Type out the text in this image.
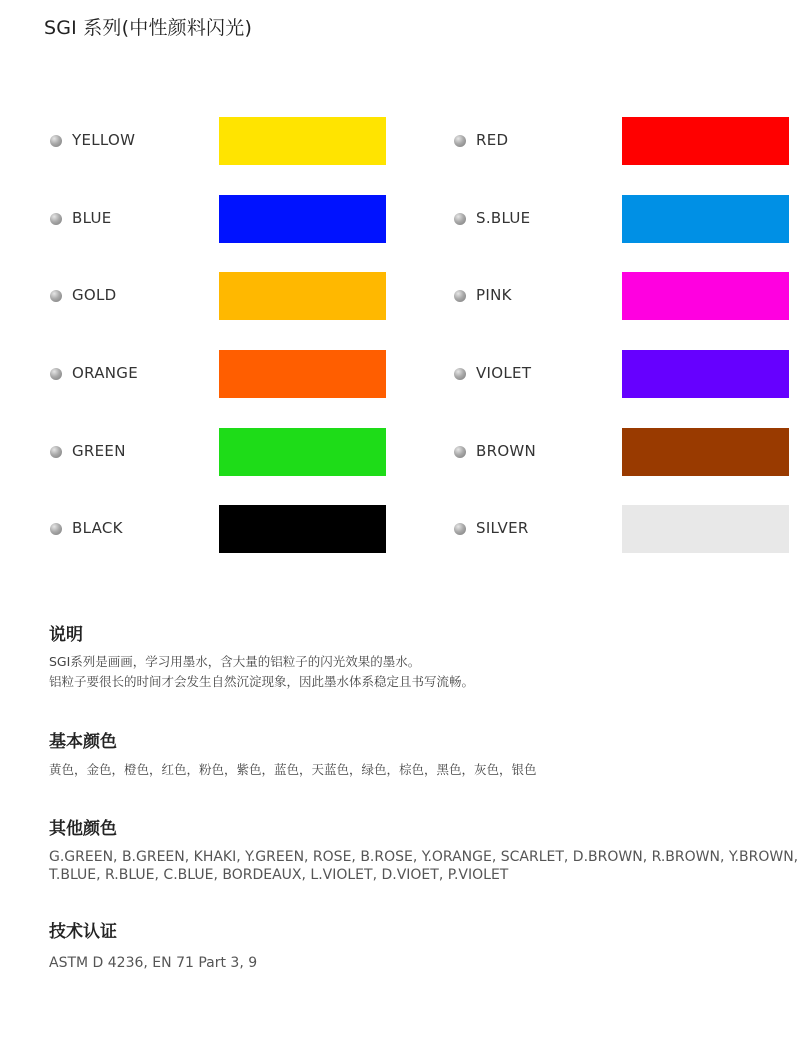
SGI 系列(中性颜料闪光)
YELLOW	RED
BLUE	S.BLUE
GOLD	PINK
ORANGE	VIOLET
GREEN	BROWN
BLACK	SILVER
说明
SGI系列是画画，学习用墨水，含大量的铝粒子的闪光效果的墨水。
铝粒子要很长的时间才会发生自然沉淀现象，因此墨水体系稳定且书写流畅。
基本颜色
黄色，金色，橙色，红色，粉色，紫色，蓝色，天蓝色，绿色，棕色，黑色，灰色，银色
其他颜色
G.GREEN, B.GREEN, KHAKI, Y.GREEN, ROSE, B.ROSE, Y.ORANGE, SCARLET, D.BROWN, R.BROWN, Y.BROWN,
T.BLUE, R.BLUE, C.BLUE, BORDEAUX, L.VIOLET, D.VIOET, P.VIOLET
技术认证
ASTM D 4236, EN 71 Part 3, 9
